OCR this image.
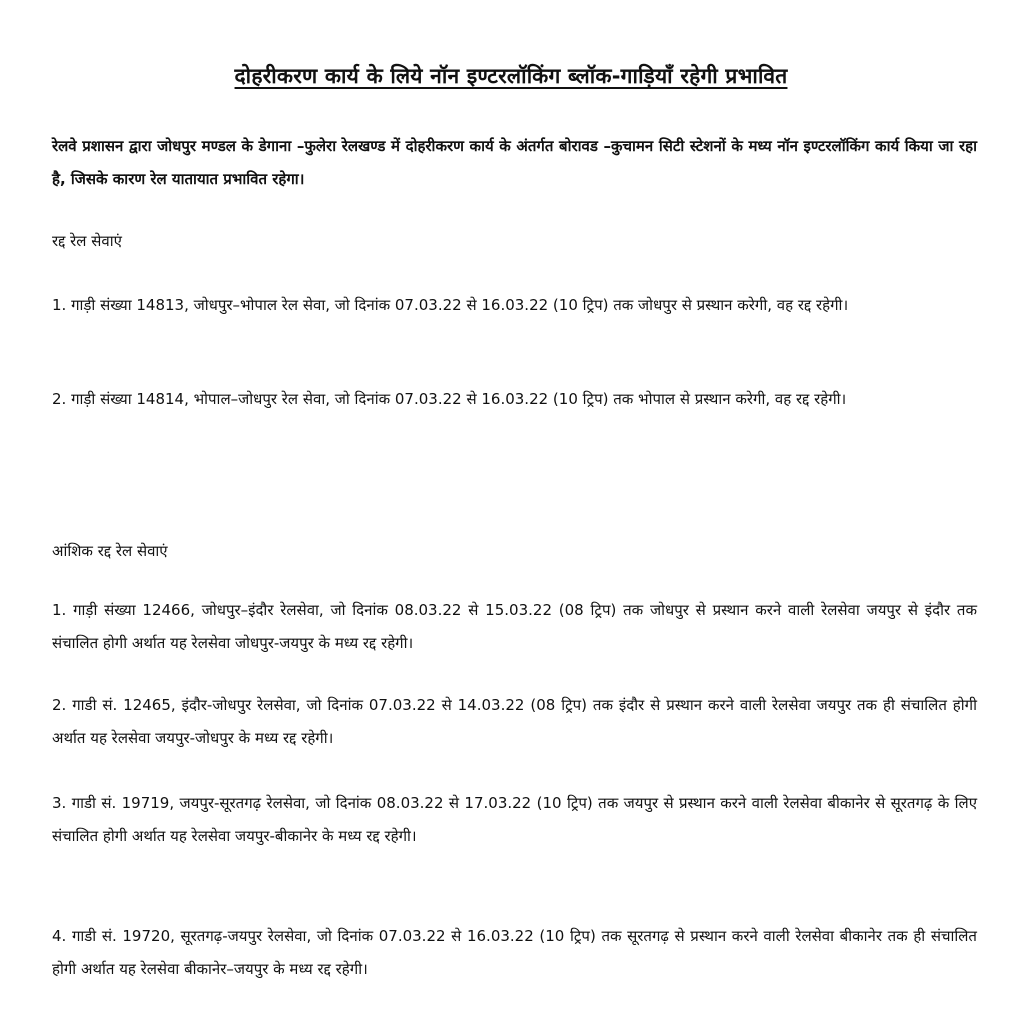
दोहरीकरण कार्य के लिये नॉन इण्टरलॉकिंग ब्लॉक-गाड़ियाँ रहेगी प्रभावित
रेलवे प्रशासन द्वारा जोधपुर मण्डल के डेगाना –फुलेरा रेलखण्ड में दोहरीकरण कार्य के अंतर्गत बोरावड –कुचामन सिटी स्टेशनों के मध्य नॉन इण्टरलॉकिंग कार्य किया जा रहा है, जिसके कारण रेल यातायात प्रभावित रहेगा।
रद्द रेल सेवाएं
1. गाड़ी संख्या 14813, जोधपुर–भोपाल रेल सेवा, जो दिनांक 07.03.22 से 16.03.22 (10 ट्रिप) तक जोधपुर से प्रस्थान करेगी, वह रद्द रहेगी।
2. गाड़ी संख्या 14814, भोपाल–जोधपुर रेल सेवा, जो दिनांक 07.03.22 से 16.03.22 (10 ट्रिप) तक भोपाल से प्रस्थान करेगी, वह रद्द रहेगी।
आंशिक रद्द रेल सेवाएं
1. गाड़ी संख्या 12466, जोधपुर–इंदौर रेलसेवा, जो दिनांक 08.03.22 से 15.03.22 (08 ट्रिप) तक जोधपुर से प्रस्थान करने वाली रेलसेवा जयपुर से इंदौर तक संचालित होगी अर्थात यह रेलसेवा जोधपुर-जयपुर के मध्य रद्द रहेगी।
2. गाडी सं. 12465, इंदौर-जोधपुर रेलसेवा, जो दिनांक 07.03.22 से 14.03.22 (08 ट्रिप) तक इंदौर से प्रस्थान करने वाली रेलसेवा जयपुर तक ही संचालित होगी अर्थात यह रेलसेवा जयपुर-जोधपुर के मध्य रद्द रहेगी।
3. गाडी सं. 19719, जयपुर-सूरतगढ़ रेलसेवा, जो दिनांक 08.03.22 से 17.03.22 (10 ट्रिप) तक जयपुर से प्रस्थान करने वाली रेलसेवा बीकानेर से सूरतगढ़ के लिए संचालित होगी अर्थात यह रेलसेवा जयपुर-बीकानेर के मध्य रद्द रहेगी।
4. गाडी सं. 19720, सूरतगढ़-जयपुर रेलसेवा, जो दिनांक 07.03.22 से 16.03.22 (10 ट्रिप) तक सूरतगढ़ से प्रस्थान करने वाली रेलसेवा बीकानेर तक ही संचालित होगी अर्थात यह रेलसेवा बीकानेर–जयपुर के मध्य रद्द रहेगी।
